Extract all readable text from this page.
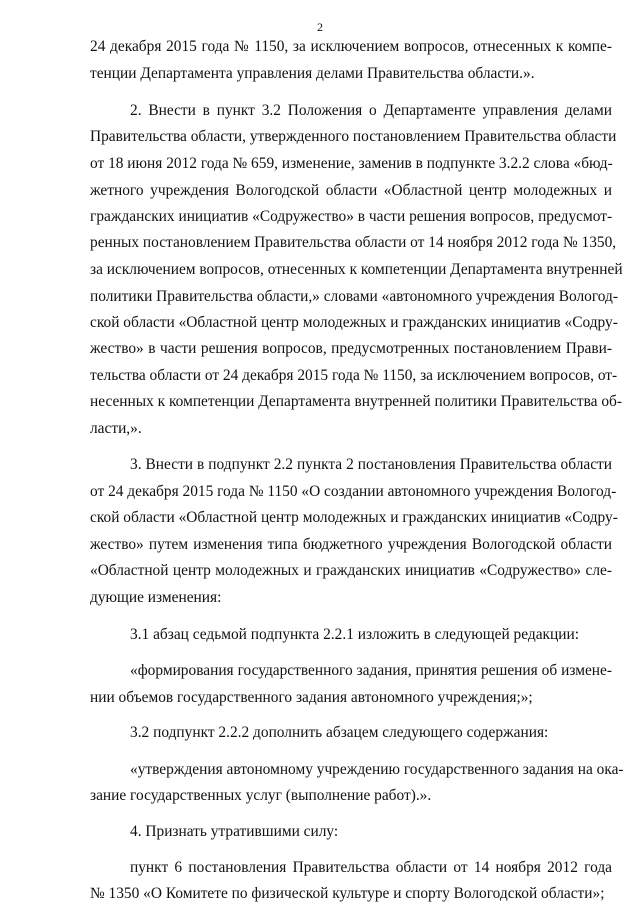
2
24 декабря 2015 года № 1150, за исключением вопросов, отнесенных к компе-
тенции Департамента управления делами Правительства области.».
2. Внести в пункт 3.2 Положения о Департаменте управления делами
Правительства области, утвержденного постановлением Правительства области
от 18 июня 2012 года № 659, изменение, заменив в подпункте 3.2.2 слова «бюд-
жетного учреждения Вологодской области «Областной центр молодежных и
гражданских инициатив «Содружество» в части решения вопросов, предусмот-
ренных постановлением Правительства области от 14 ноября 2012 года № 1350,
за исключением вопросов, отнесенных к компетенции Департамента внутренней
политики Правительства области,» словами «автономного учреждения Вологод-
ской области «Областной центр молодежных и гражданских инициатив «Содру-
жество» в части решения вопросов, предусмотренных постановлением Прави-
тельства области от 24 декабря 2015 года № 1150, за исключением вопросов, от-
несенных к компетенции Департамента внутренней политики Правительства об-
ласти,».
3. Внести в подпункт 2.2 пункта 2 постановления Правительства области
от 24 декабря 2015 года № 1150 «О создании автономного учреждения Вологод-
ской области «Областной центр молодежных и гражданских инициатив «Содру-
жество» путем изменения типа бюджетного учреждения Вологодской области
«Областной центр молодежных и гражданских инициатив «Содружество» сле-
дующие изменения:
3.1 абзац седьмой подпункта 2.2.1 изложить в следующей редакции:
«формирования государственного задания, принятия решения об измене-
нии объемов государственного задания автономного учреждения;»;
3.2 подпункт 2.2.2 дополнить абзацем следующего содержания:
«утверждения автономному учреждению государственного задания на ока-
зание государственных услуг (выполнение работ).».
4. Признать утратившими силу:
пункт 6 постановления Правительства области от 14 ноября 2012 года
№ 1350 «О Комитете по физической культуре и спорту Вологодской области»;
